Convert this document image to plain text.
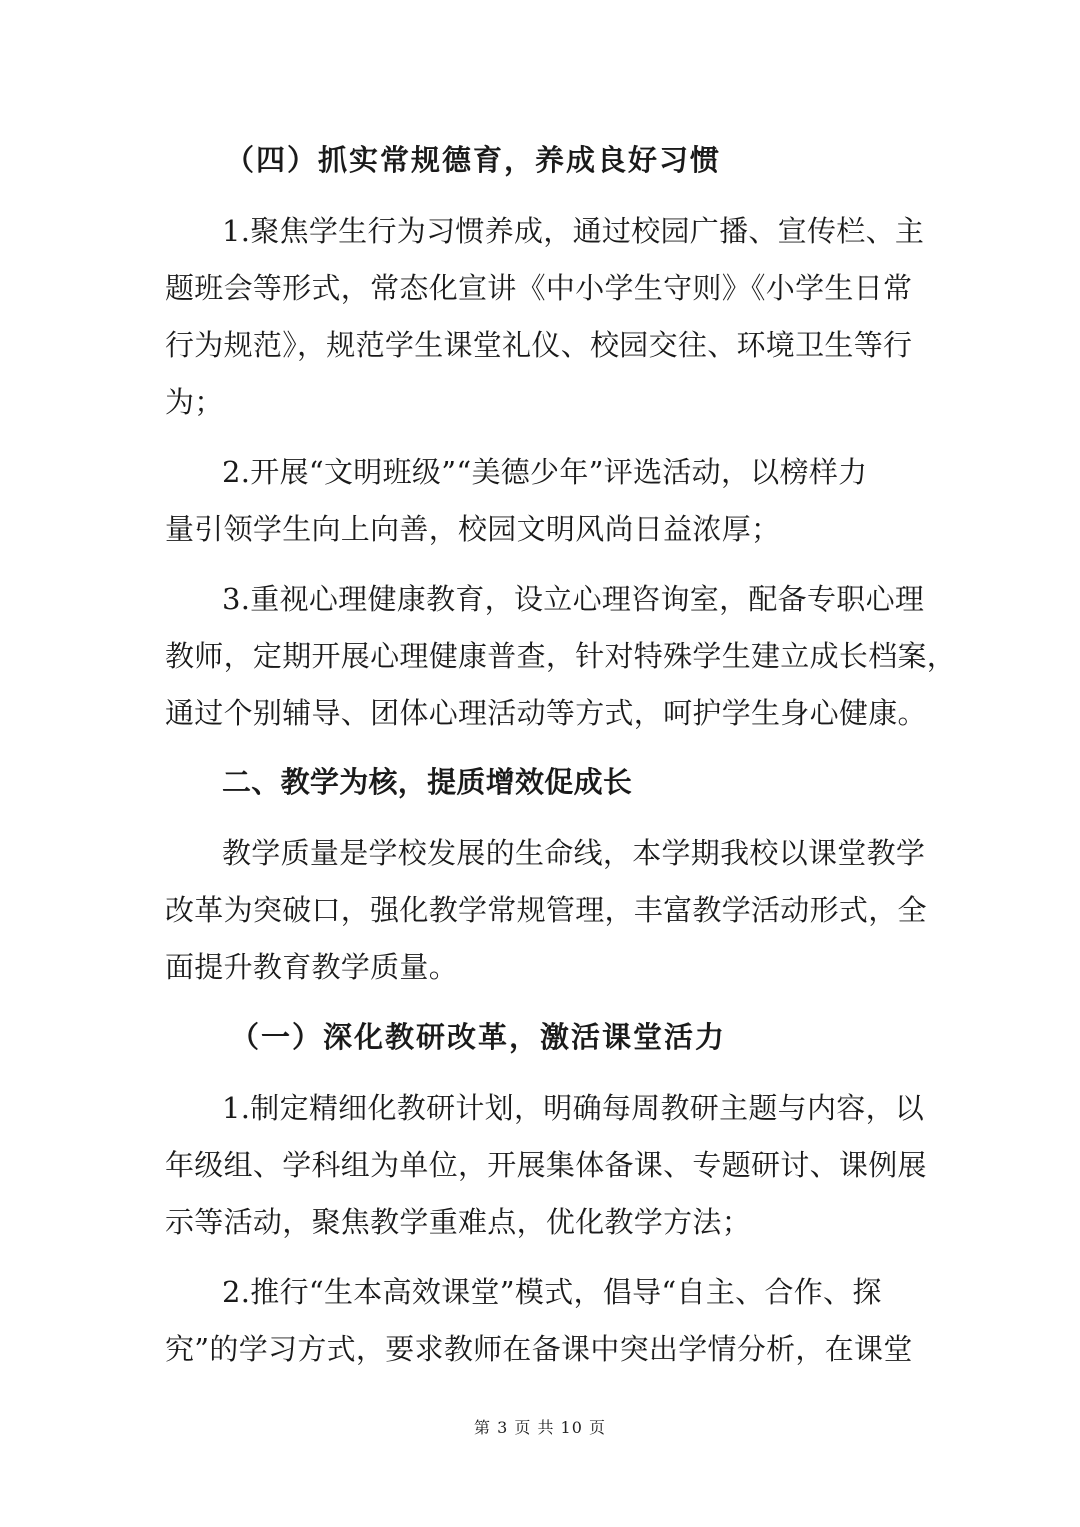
（四）抓实常规德育，养成良好习惯
1.聚焦学生行为习惯养成，通过校园广播、宣传栏、主
题班会等形式，常态化宣讲《中小学生守则》《小学生日常
行为规范》，规范学生课堂礼仪、校园交往、环境卫生等行
为；
2.开展“文明班级”“美德少年”评选活动，以榜样力
量引领学生向上向善，校园文明风尚日益浓厚；
3.重视心理健康教育，设立心理咨询室，配备专职心理
教师，定期开展心理健康普查，针对特殊学生建立成长档案，
通过个别辅导、团体心理活动等方式，呵护学生身心健康。
二、教学为核，提质增效促成长
教学质量是学校发展的生命线，本学期我校以课堂教学
改革为突破口，强化教学常规管理，丰富教学活动形式，全
面提升教育教学质量。
（一）深化教研改革，激活课堂活力
1.制定精细化教研计划，明确每周教研主题与内容，以
年级组、学科组为单位，开展集体备课、专题研讨、课例展
示等活动，聚焦教学重难点，优化教学方法；
2.推行“生本高效课堂”模式，倡导“自主、合作、探
究”的学习方式，要求教师在备课中突出学情分析，在课堂
第 3 页 共 10 页
